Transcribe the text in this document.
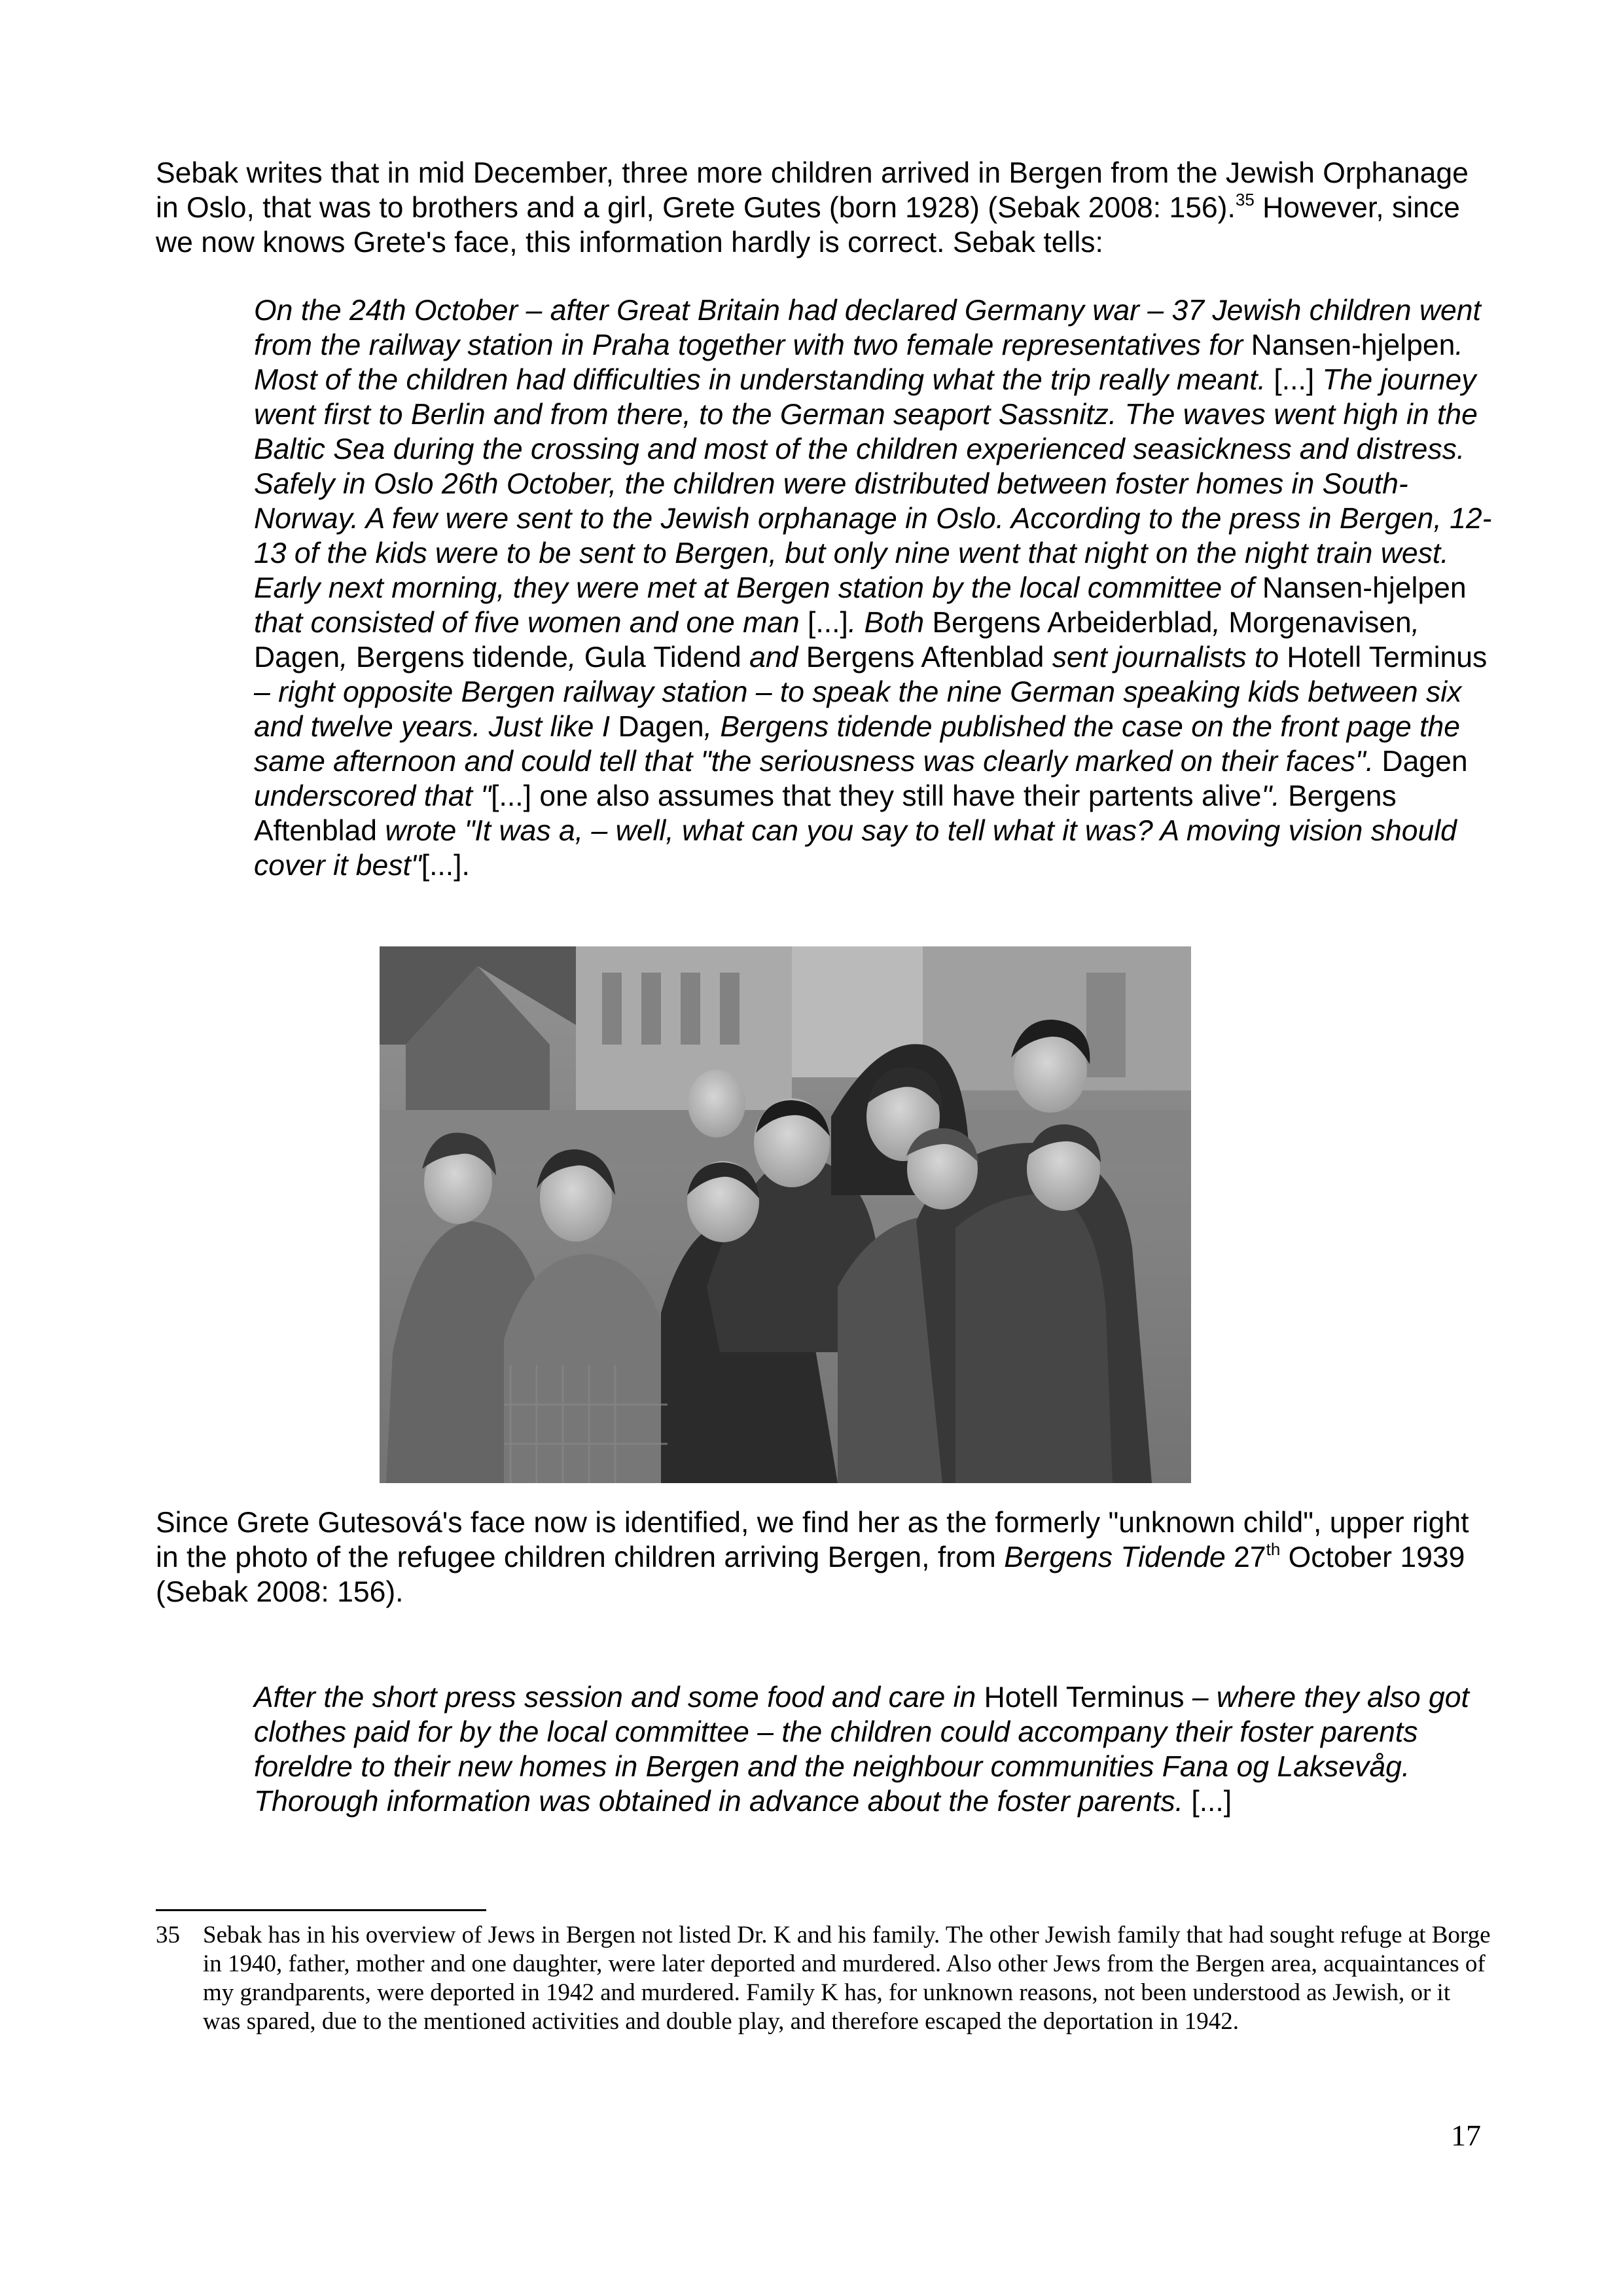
Sebak writes that in mid December, three more children arrived in Bergen from the Jewish Orphanage in Oslo, that was to brothers and a girl, Grete Gutes (born 1928) (Sebak 2008: 156).$^{35}$ However, since we now knows Grete's face, this information hardly is correct. Sebak tells:

On the 24th October – after Great Britain had declared Germany war – 37 Jewish children went from the railway station in Praha together with two female representatives for Nansen-hjelpen. Most of the children had difficulties in understanding what the trip really meant. [...] The journey went first to Berlin and from there, to the German seaport Sassnitz. The waves went high in the Baltic Sea during the crossing and most of the children experienced seasickness and distress. Safely in Oslo 26th October, the children were distributed between foster homes in South-Norway. A few were sent to the Jewish orphanage in Oslo. According to the press in Bergen, 12-13 of the kids were to be sent to Bergen, but only nine went that night on the night train west. Early next morning, they were met at Bergen station by the local committee of Nansen-hjelpen that consisted of five women and one man [...]. Both Bergens Arbeiderblad, Morgenavisen, Dagen, Bergens tidende, Gula Tidend and Bergens Aftenblad sent journalists to Hotell Terminus – right opposite Bergen railway station – to speak the nine German speaking kids between six and twelve years. Just like I Dagen, Bergens tidende published the case on the front page the same afternoon and could tell that "the seriousness was clearly marked on their faces". Dagen underscored that "[...] one also assumes that they still have their partents alive". Bergens Aftenblad wrote "It was a, – well, what can you say to tell what it was? A moving vision should cover it best"[...].

Since Grete Gutesová's face now is identified, we find her as the formerly "unknown child", upper right in the photo of the refugee children children arriving Bergen, from Bergens Tidende 27th October 1939 (Sebak 2008: 156).

After the short press session and some food and care in Hotell Terminus – where they also got clothes paid for by the local committee – the children could accompany their foster parents foreldre to their new homes in Bergen and the neighbour communities Fana og Laksevåg. Thorough information was obtained in advance about the foster parents. [...]

35 Sebak has in his overview of Jews in Bergen not listed Dr. K and his family. The other Jewish family that had sought refuge at Borge in 1940, father, mother and one daughter, were later deported and murdered. Also other Jews from the Bergen area, acquaintances of my grandparents, were deported in 1942 and murdered. Family K has, for unknown reasons, not been understood as Jewish, or it was spared, due to the mentioned activities and double play, and therefore escaped the deportation in 1942.
17
